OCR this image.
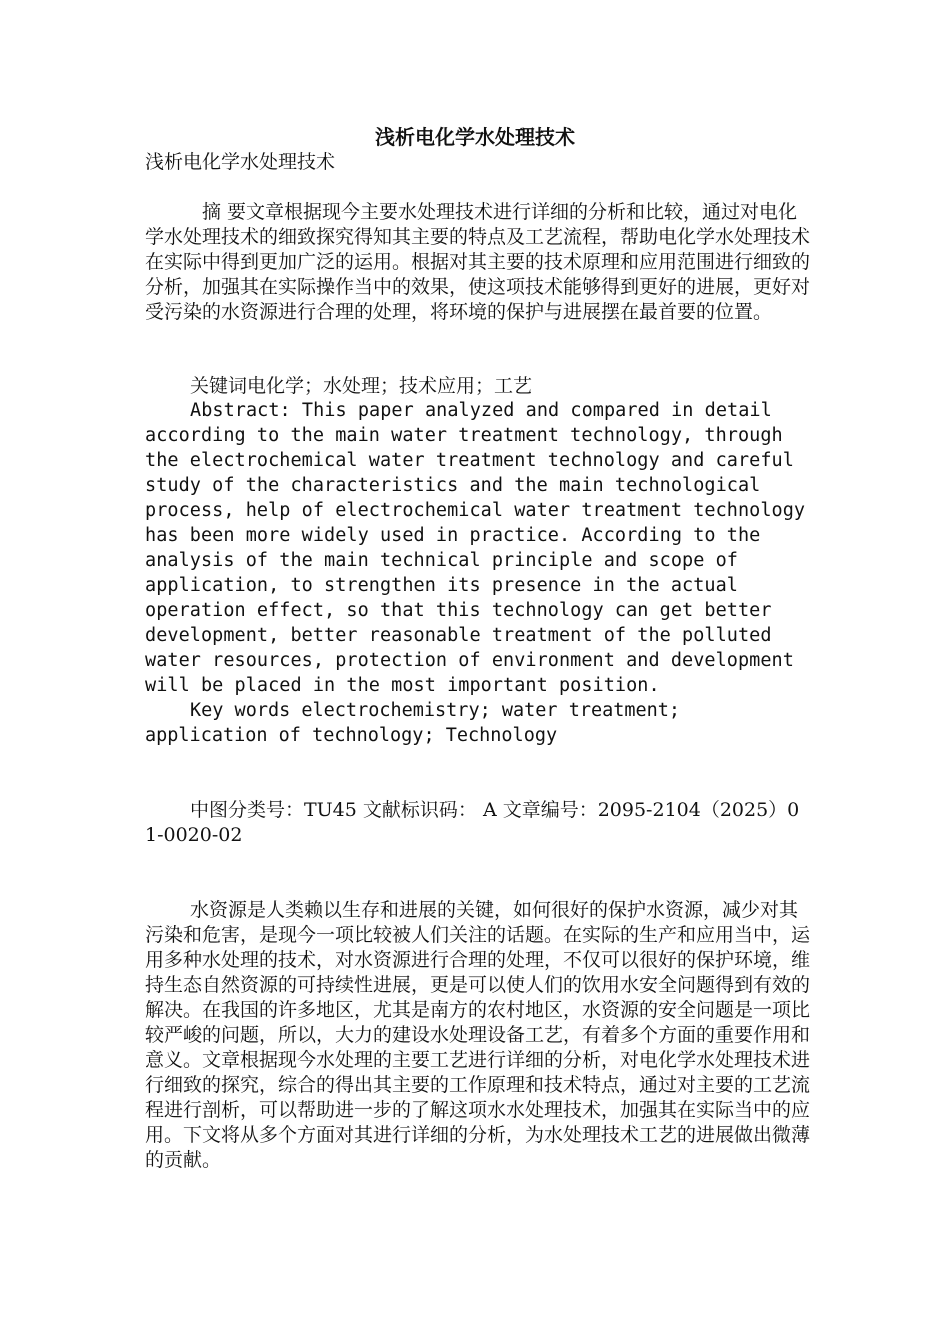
浅析电化学水处理技术
浅析电化学水处理技术
摘 要文章根据现今主要水处理技术进行详细的分析和比较，通过对电化学水处理技术的细致探究得知其主要的特点及工艺流程，帮助电化学水处理技术在实际中得到更加广泛的运用。根据对其主要的技术原理和应用范围进行细致的分析，加强其在实际操作当中的效果，使这项技术能够得到更好的进展，更好对受污染的水资源进行合理的处理，将环境的保护与进展摆在最首要的位置。
关键词电化学；水处理；技术应用；工艺
Abstract: This paper analyzed and compared in detail according to the main water treatment technology, through the electrochemical water treatment technology and careful study of the characteristics and the main technological process, help of electrochemical water treatment technology has been more widely used in practice. According to the analysis of the main technical principle and scope of application, to strengthen its presence in the actual operation effect, so that this technology can get better development, better reasonable treatment of the polluted water resources, protection of environment and development will be placed in the most important position.
Key words electrochemistry; water treatment; application of technology; Technology
中图分类号：TU45 文献标识码： A 文章编号：2095-2104（2025）01-0020-02
水资源是人类赖以生存和进展的关键，如何很好的保护水资源，减少对其污染和危害，是现今一项比较被人们关注的话题。在实际的生产和应用当中，运用多种水处理的技术，对水资源进行合理的处理，不仅可以很好的保护环境，维持生态自然资源的可持续性进展，更是可以使人们的饮用水安全问题得到有效的解决。在我国的许多地区，尤其是南方的农村地区，水资源的安全问题是一项比较严峻的问题，所以，大力的建设水处理设备工艺，有着多个方面的重要作用和意义。文章根据现今水处理的主要工艺进行详细的分析，对电化学水处理技术进行细致的探究，综合的得出其主要的工作原理和技术特点，通过对主要的工艺流程进行剖析，可以帮助进一步的了解这项水水处理技术，加强其在实际当中的应用。下文将从多个方面对其进行详细的分析，为水处理技术工艺的进展做出微薄的贡献。
